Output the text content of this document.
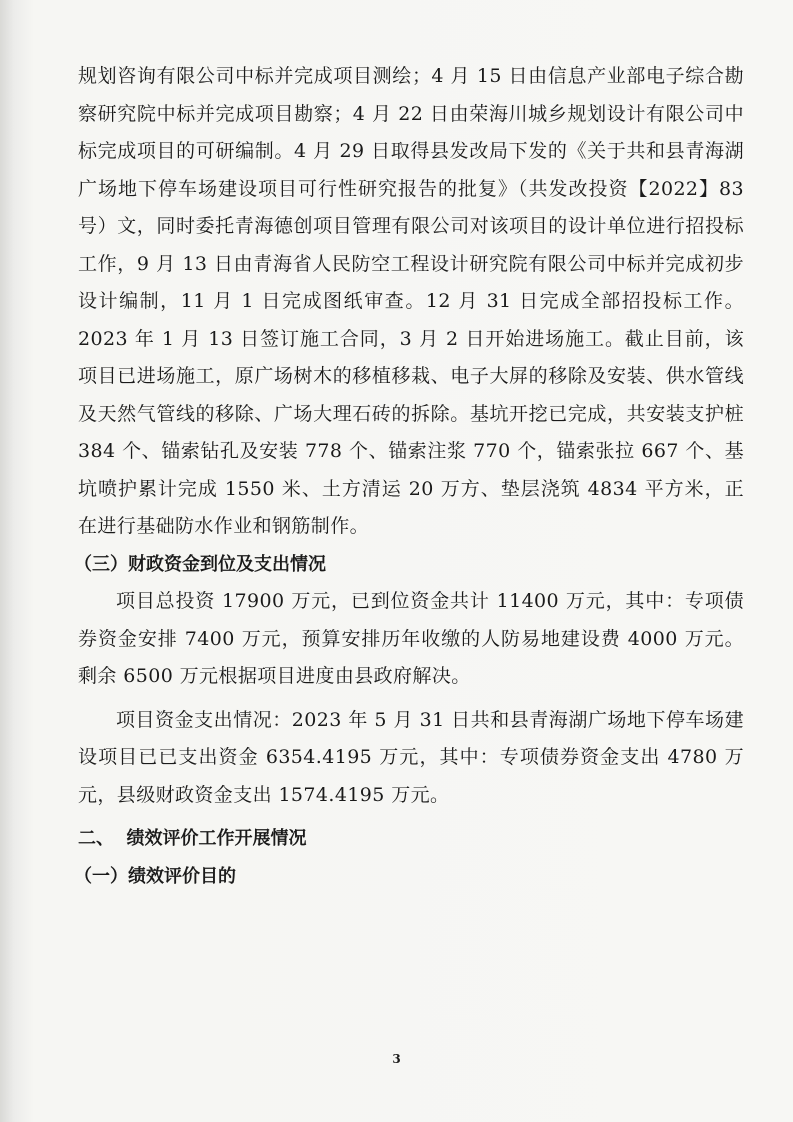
规划咨询有限公司中标并完成项目测绘；4 月 15 日由信息产业部电子综合勘察研究院中标并完成项目勘察；4 月 22 日由荣海川城乡规划设计有限公司中标完成项目的可研编制。4 月 29 日取得县发改局下发的《关于共和县青海湖广场地下停车场建设项目可行性研究报告的批复》（共发改投资【2022】83 号）文，同时委托青海德创项目管理有限公司对该项目的设计单位进行招投标工作，9 月 13 日由青海省人民防空工程设计研究院有限公司中标并完成初步设计编制，11 月 1 日完成图纸审查。12 月 31 日完成全部招投标工作。2023 年 1 月 13 日签订施工合同，3 月 2 日开始进场施工。截止目前，该项目已进场施工，原广场树木的移植移栽、电子大屏的移除及安装、供水管线及天然气管线的移除、广场大理石砖的拆除。基坑开挖已完成，共安装支护桩 384 个、锚索钻孔及安装 778 个、锚索注浆 770 个，锚索张拉 667 个、基坑喷护累计完成 1550 米、土方清运 20 万方、垫层浇筑 4834 平方米，正在进行基础防水作业和钢筋制作。

（三）财政资金到位及支出情况

项目总投资 17900 万元，已到位资金共计 11400 万元，其中：专项债券资金安排 7400 万元，预算安排历年收缴的人防易地建设费 4000 万元。剩余 6500 万元根据项目进度由县政府解决。

项目资金支出情况：2023 年 5 月 31 日共和县青海湖广场地下停车场建设项目已已支出资金 6354.4195 万元，其中：专项债券资金支出 4780 万元，县级财政资金支出 1574.4195 万元。

二、  绩效评价工作开展情况

（一）绩效评价目的

3
